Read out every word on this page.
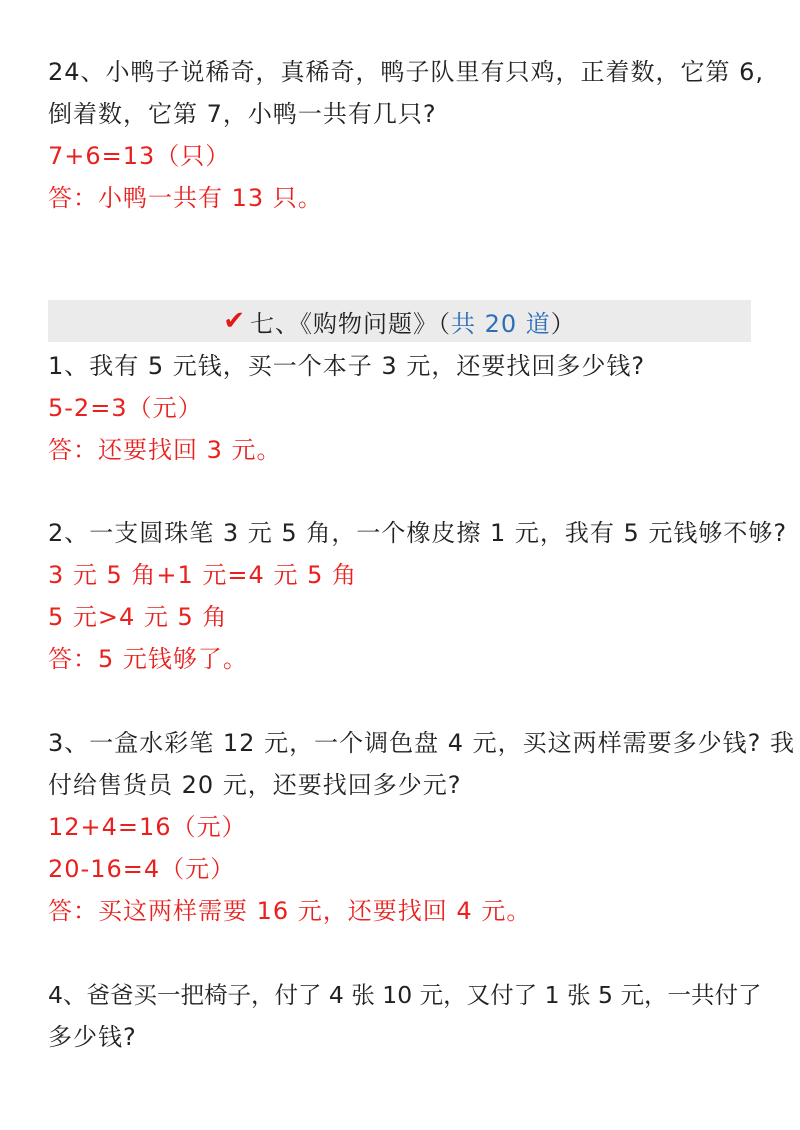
24、小鸭子说稀奇，真稀奇，鸭子队里有只鸡，正着数，它第 6,
倒着数，它第 7，小鸭一共有几只?
7+6=13（只）
答：小鸭一共有 13 只。
✔ 七、《购物问题》（ 共 20 道 ）
1、我有 5 元钱，买一个本子 3 元，还要找回多少钱?
5-2=3（元）
答：还要找回 3 元。
2、一支圆珠笔 3 元 5 角，一个橡皮擦 1 元，我有 5 元钱够不够?
3 元 5 角+1 元=4 元 5 角
5 元>4 元 5 角
答：5 元钱够了。
3、一盒水彩笔 12 元，一个调色盘 4 元，买这两样需要多少钱? 我
付给售货员 20 元，还要找回多少元?
12+4=16（元）
20-16=4（元）
答：买这两样需要 16 元，还要找回 4 元。
4、爸爸买一把椅子，付了 4 张 10 元，又付了 1 张 5 元，一共付了
多少钱?
